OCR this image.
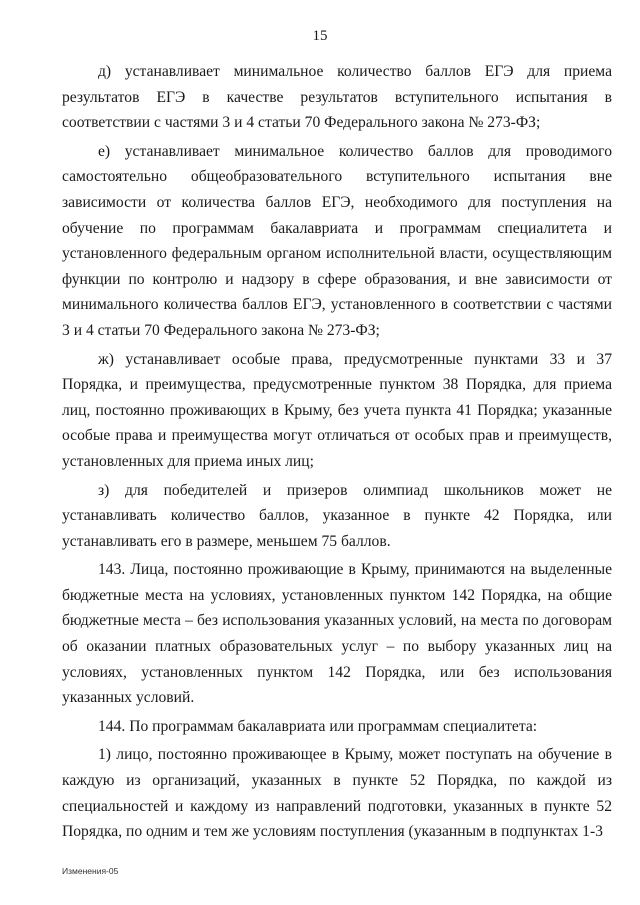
15

д) устанавливает минимальное количество баллов ЕГЭ для приема результатов ЕГЭ в качестве результатов вступительного испытания в соответствии с частями 3 и 4 статьи 70 Федерального закона № 273-ФЗ;

е) устанавливает минимальное количество баллов для проводимого самостоятельно общеобразовательного вступительного испытания вне зависимости от количества баллов ЕГЭ, необходимого для поступления на обучение по программам бакалавриата и программам специалитета и установленного федеральным органом исполнительной власти, осуществляющим функции по контролю и надзору в сфере образования, и вне зависимости от минимального количества баллов ЕГЭ, установленного в соответствии с частями 3 и 4 статьи 70 Федерального закона № 273-ФЗ;

ж) устанавливает особые права, предусмотренные пунктами 33 и 37 Порядка, и преимущества, предусмотренные пунктом 38 Порядка, для приема лиц, постоянно проживающих в Крыму, без учета пункта 41 Порядка; указанные особые права и преимущества могут отличаться от особых прав и преимуществ, установленных для приема иных лиц;

з) для победителей и призеров олимпиад школьников может не устанавливать количество баллов, указанное в пункте 42 Порядка, или устанавливать его в размере, меньшем 75 баллов.

143. Лица, постоянно проживающие в Крыму, принимаются на выделенные бюджетные места на условиях, установленных пунктом 142 Порядка, на общие бюджетные места – без использования указанных условий, на места по договорам об оказании платных образовательных услуг – по выбору указанных лиц на условиях, установленных пунктом 142 Порядка, или без использования указанных условий.

144. По программам бакалавриата или программам специалитета:

1) лицо, постоянно проживающее в Крыму, может поступать на обучение в каждую из организаций, указанных в пункте 52 Порядка, по каждой из специальностей и каждому из направлений подготовки, указанных в пункте 52 Порядка, по одним и тем же условиям поступления (указанным в подпунктах 1-3

Изменения-05
